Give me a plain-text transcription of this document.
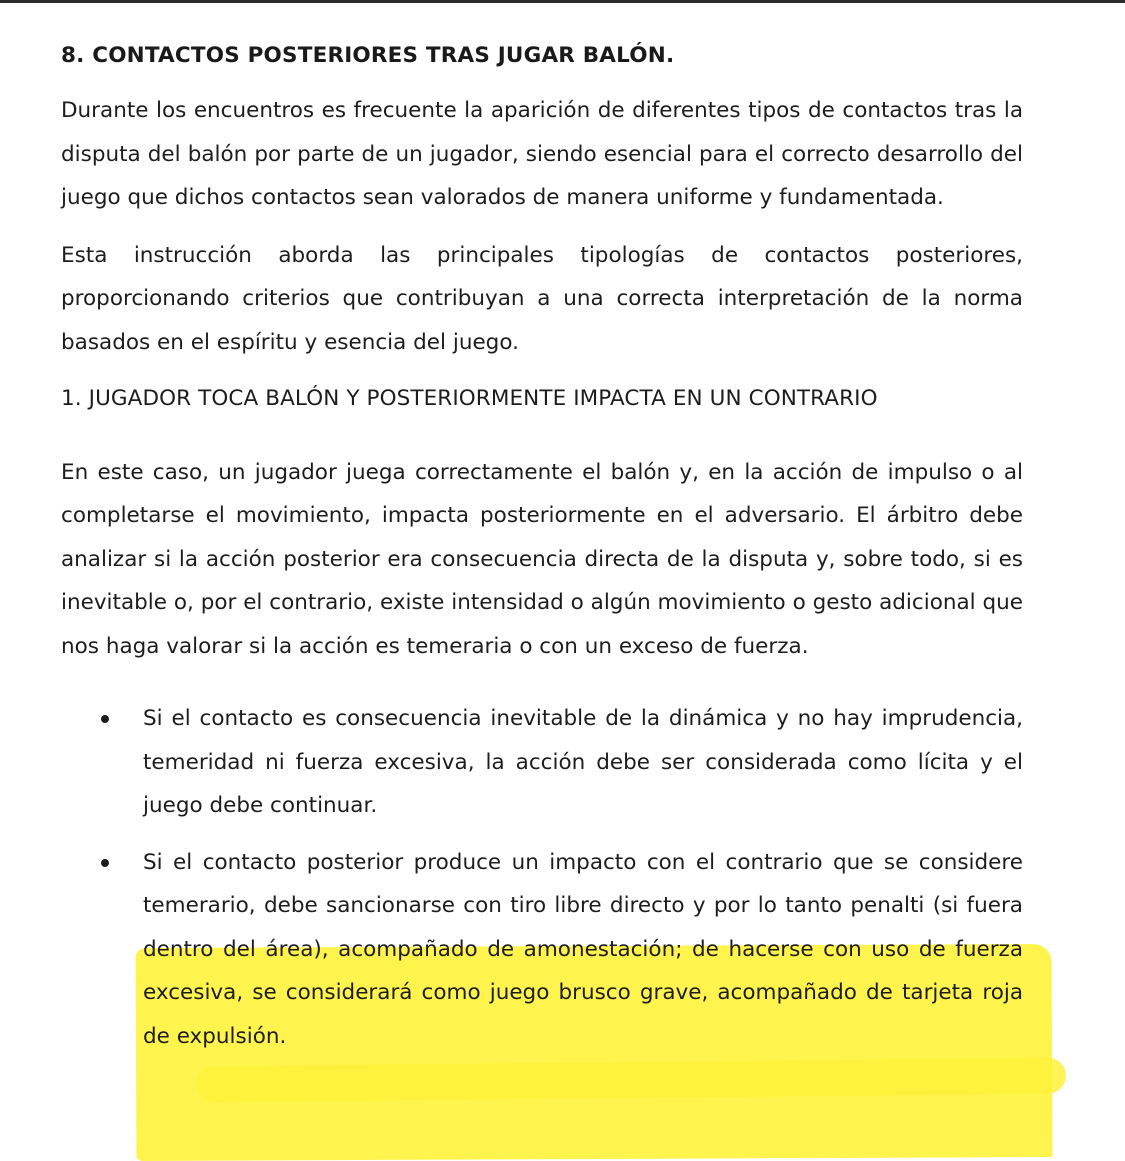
8. CONTACTOS POSTERIORES TRAS JUGAR BALÓN.

Durante los encuentros es frecuente la aparición de diferentes tipos de contactos tras la disputa del balón por parte de un jugador, siendo esencial para el correcto desarrollo del juego que dichos contactos sean valorados de manera uniforme y fundamentada.

Esta instrucción aborda las principales tipologías de contactos posteriores, proporcionando criterios que contribuyan a una correcta interpretación de la norma basados en el espíritu y esencia del juego.

1. JUGADOR TOCA BALÓN Y POSTERIORMENTE IMPACTA EN UN CONTRARIO

En este caso, un jugador juega correctamente el balón y, en la acción de impulso o al completarse el movimiento, impacta posteriormente en el adversario. El árbitro debe analizar si la acción posterior era consecuencia directa de la disputa y, sobre todo, si es inevitable o, por el contrario, existe intensidad o algún movimiento o gesto adicional que nos haga valorar si la acción es temeraria o con un exceso de fuerza.

Si el contacto es consecuencia inevitable de la dinámica y no hay imprudencia, temeridad ni fuerza excesiva, la acción debe ser considerada como lícita y el juego debe continuar.
Si el contacto posterior produce un impacto con el contrario que se considere temerario, debe sancionarse con tiro libre directo y por lo tanto penalti (si fuera dentro del área), acompañado de amonestación; de hacerse con uso de fuerza excesiva, se considerará como juego brusco grave, acompañado de tarjeta roja de expulsión.
